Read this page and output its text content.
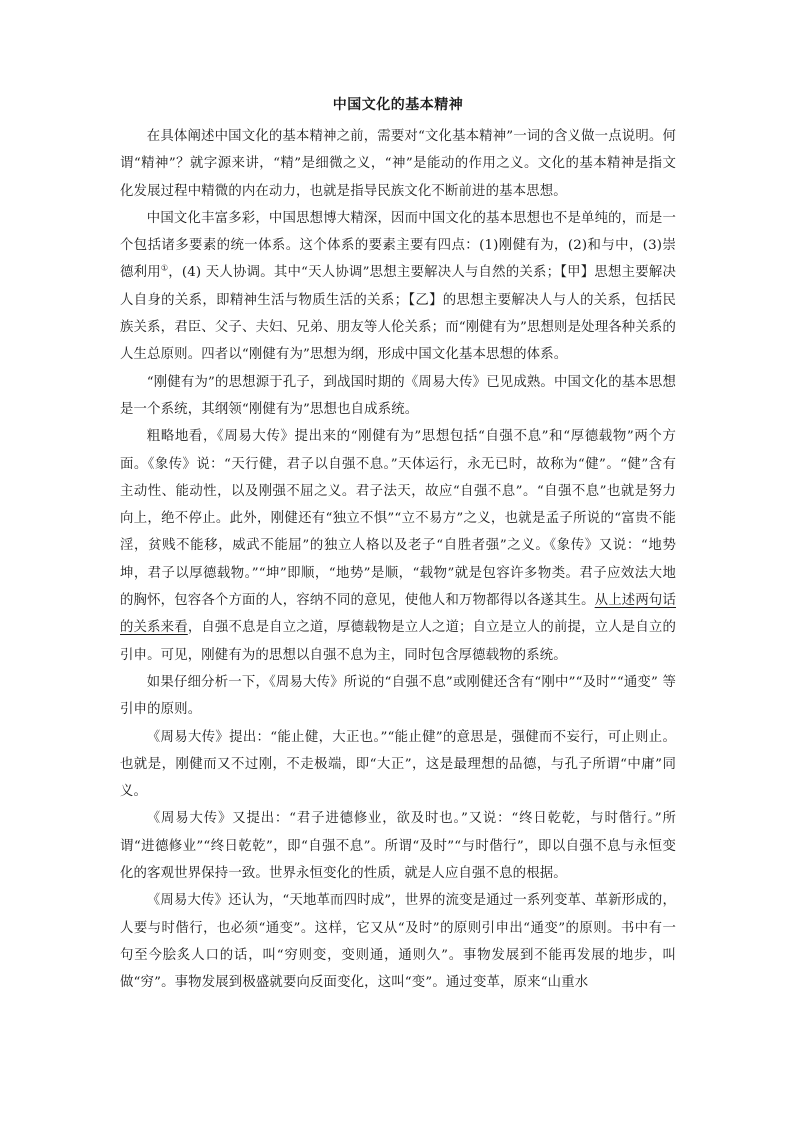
中国文化的基本精神

在具体阐述中国文化的基本精神之前，需要对“文化基本精神”一词的含义做一点说明。何谓“精神”？就字源来讲，“精”是细微之义，“神”是能动的作用之义。文化的基本精神是指文化发展过程中精微的内在动力，也就是指导民族文化不断前进的基本思想。

中国文化丰富多彩，中国思想博大精深，因而中国文化的基本思想也不是单纯的，而是一个包括诸多要素的统一体系。这个体系的要素主要有四点：(1)刚健有为，(2)和与中，(3)崇德利用①，(4) 天人协调。其中“天人协调”思想主要解决人与自然的关系；【甲】思想主要解决人自身的关系，即精神生活与物质生活的关系；【乙】的思想主要解决人与人的关系，包括民族关系，君臣、父子、夫妇、兄弟、朋友等人伦关系；而“刚健有为”思想则是处理各种关系的人生总原则。四者以“刚健有为”思想为纲，形成中国文化基本思想的体系。

“刚健有为”的思想源于孔子，到战国时期的《周易大传》已见成熟。中国文化的基本思想是一个系统，其纲领“刚健有为”思想也自成系统。

粗略地看，《周易大传》提出来的“刚健有为”思想包括“自强不息”和“厚德载物”两个方面。《象传》说：“天行健，君子以自强不息。”天体运行，永无已时，故称为“健”。“健”含有主动性、能动性，以及刚强不屈之义。君子法天，故应“自强不息”。“自强不息”也就是努力向上，绝不停止。此外，刚健还有“独立不惧”“立不易方”之义，也就是孟子所说的“富贵不能淫，贫贱不能移，威武不能屈”的独立人格以及老子“自胜者强”之义。《象传》又说：“地势坤，君子以厚德载物。”“坤”即顺，“地势”是顺，“载物”就是包容许多物类。君子应效法大地的胸怀，包容各个方面的人，容纳不同的意见，使他人和万物都得以各遂其生。从上述两句话的关系来看，自强不息是自立之道，厚德载物是立人之道；自立是立人的前提，立人是自立的引申。可见，刚健有为的思想以自强不息为主，同时包含厚德载物的系统。

如果仔细分析一下，《周易大传》所说的“自强不息”或刚健还含有“刚中”“及时”“通变” 等引申的原则。

《周易大传》提出：“能止健，大正也。”“能止健”的意思是，强健而不妄行，可止则止。也就是，刚健而又不过刚，不走极端，即“大正”，这是最理想的品德，与孔子所谓“中庸”同义。

《周易大传》又提出：“君子进德修业，欲及时也。”又说：“终日乾乾，与时偕行。”所谓“进德修业”“终日乾乾”，即“自强不息”。所谓“及时”“与时偕行”，即以自强不息与永恒变化的客观世界保持一致。世界永恒变化的性质，就是人应自强不息的根据。

《周易大传》还认为，“天地革而四时成”，世界的流变是通过一系列变革、革新形成的，人要与时偕行，也必须“通变”。这样，它又从“及时”的原则引申出“通变”的原则。书中有一句至今脍炙人口的话，叫“穷则变，变则通，通则久”。事物发展到不能再发展的地步，叫做“穷”。事物发展到极盛就要向反面变化，这叫“变”。通过变革，原来“山重水
